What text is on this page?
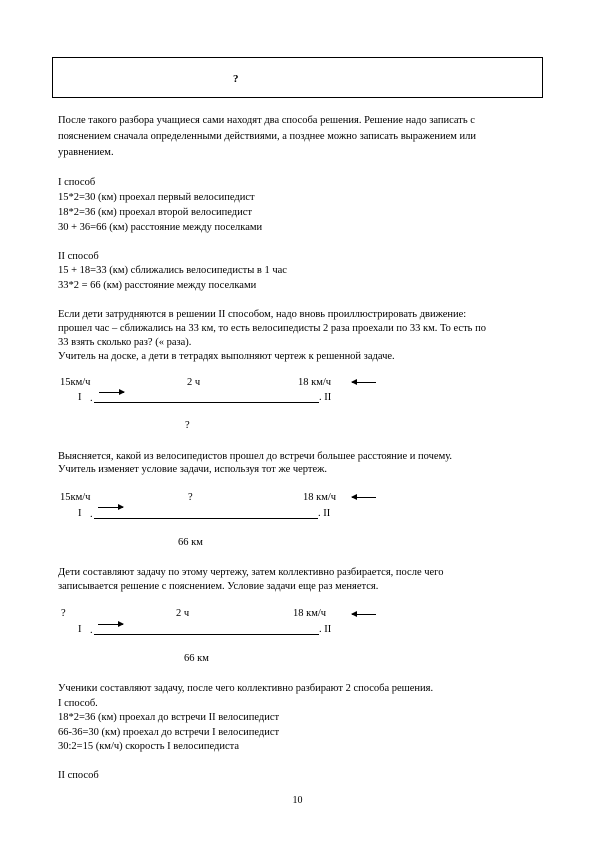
?
После такого разбора учащиеся сами находят два способа решения. Решение надо записать с
пояснением сначала определенными действиями, а позднее можно записать выражением или
уравнением.
I способ
15*2=30 (км) проехал первый велосипедист
18*2=36 (км) проехал второй велосипедист
30 + 36=66 (км) расстояние между поселками
II способ
15 + 18=33 (км) сближались велосипедисты в 1 час
33*2 = 66 (км) расстояние между поселками
Если дети затрудняются в решении II способом, надо вновь проиллюстрировать движение:
прошел час – сближались на 33 км, то есть велосипедисты 2 раза проехали по 33 км. То есть по
33 взять сколько раз? (« раза).
Учитель на доске, а дети в тетрадях выполняют чертеж к решенной задаче.
15км/ч	2 ч	18 км/ч
I .	. II
?
Выясняется, какой из велосипедистов прошел до встречи большее расстояние и почему.
Учитель изменяет условие задачи, используя тот же чертеж.
15км/ч	?	18 км/ч
I .	. II
66 км
Дети составляют задачу по этому чертежу, затем коллективно разбирается, после чего
записывается решение с пояснением. Условие задачи еще раз меняется.
?	2 ч	18 км/ч
I .	. II
66 км
Ученики составляют задачу, после чего коллективно разбирают 2 способа решения.
I способ.
18*2=36 (км) проехал до встречи II велосипедист
66-36=30 (км) проехал до встречи I велосипедист
30:2=15 (км/ч) скорость I велосипедиста
II способ
10
